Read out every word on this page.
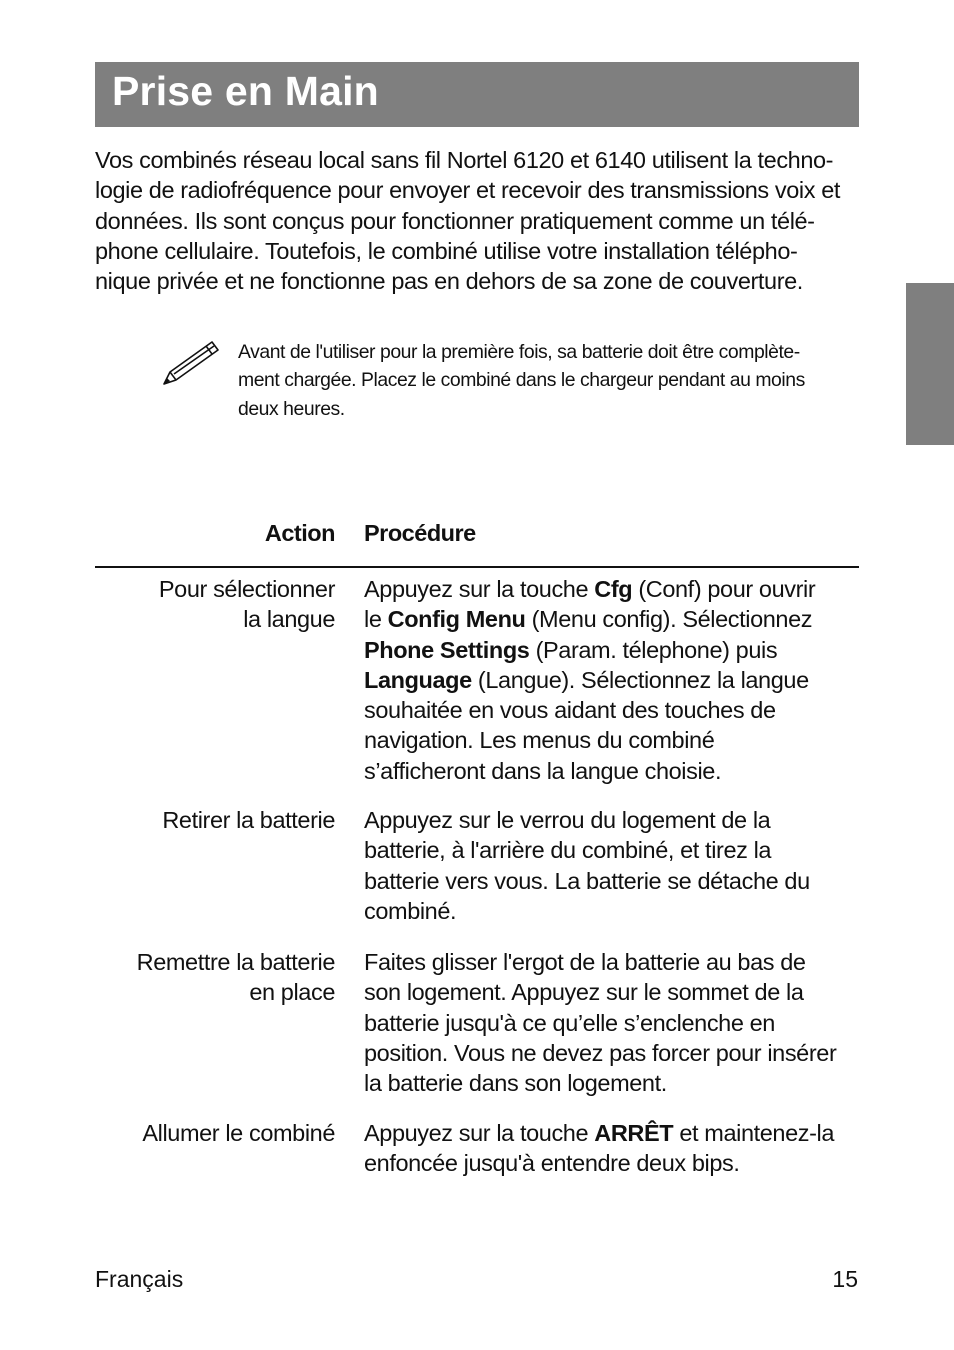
Prise en Main
Vos combinés réseau local sans fil Nortel 6120 et 6140 utilisent la techno-
logie de radiofréquence pour envoyer et recevoir des transmissions voix et
données. Ils sont conçus pour fonctionner pratiquement comme un télé-
phone cellulaire. Toutefois, le combiné utilise votre installation télépho-
nique privée et ne fonctionne pas en dehors de sa zone de couverture.
Avant de l'utiliser pour la première fois, sa batterie doit être complète-
ment chargée. Placez le combiné dans le chargeur pendant au moins
deux heures.
Action Procédure
Pour sélectionner
la langue
Appuyez sur la touche Cfg (Conf) pour ouvrir
le Config Menu (Menu config). Sélectionnez
Phone Settings (Param. télephone) puis
Language (Langue). Sélectionnez la langue
souhaitée en vous aidant des touches de
navigation. Les menus du combiné
s’afficheront dans la langue choisie.
Retirer la batterie Appuyez sur le verrou du logement de la
batterie, à l'arrière du combiné, et tirez la
batterie vers vous. La batterie se détache du
combiné.
Remettre la batterie
en place
Faites glisser l'ergot de la batterie au bas de
son logement. Appuyez sur le sommet de la
batterie jusqu'à ce qu’elle s’enclenche en
position. Vous ne devez pas forcer pour insérer
la batterie dans son logement.
Allumer le combiné Appuyez sur la touche ARRÊT et maintenez-la
enfoncée jusqu'à entendre deux bips.
Français	15
